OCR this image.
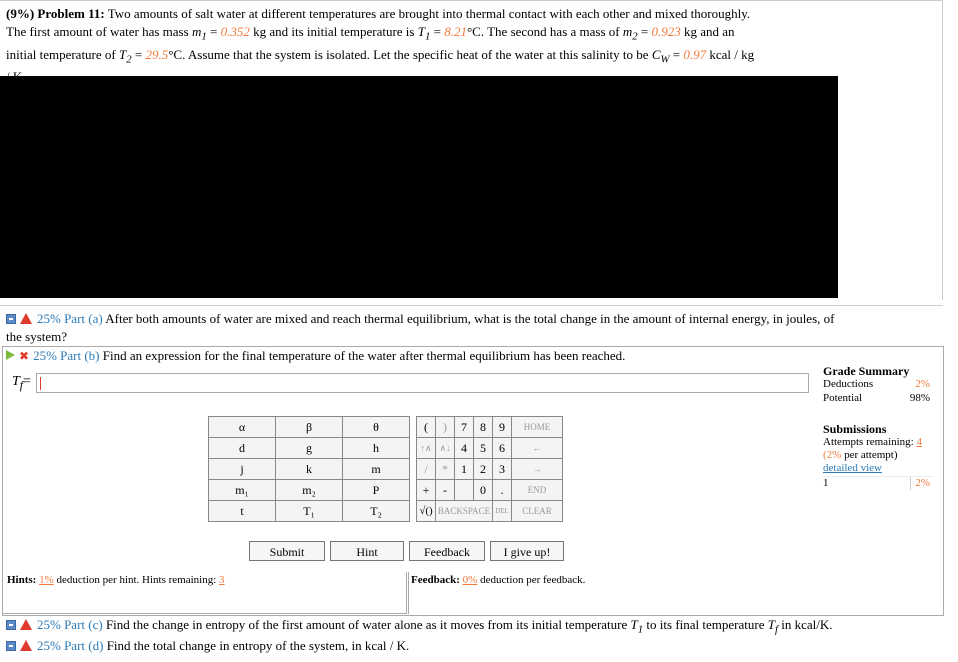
(9%) Problem 11: Two amounts of salt water at different temperatures are brought into thermal contact with each other and mixed thoroughly.
The first amount of water has mass $m_1 = 0.352$ kg and its initial temperature is $T_1 = 8.21^\circ C$. The second has a mass of $m_2 = 0.923$ kg and an
initial temperature of $T_2 = 29.5^\circ C$. Assume that the system is isolated. Let the specific heat of the water at this salinity to be $C_W = 0.97$ kcal / kg

25% Part (a) After both amounts of water are mixed and reach thermal equilibrium, what is the total change in the amount of internal energy, in joules, of
the system?
✖ 25% Part (b) Find an expression for the final temperature of the water after thermal equilibrium has been reached.
$T_f=$
Grade Summary
Deductions	2%
Potential	98%
Submissions
Attempts remaining: 4
(2% per attempt)
detailed view
1	2%
α	β	θ		(	)	7	8	9	HOME
d	g	h		↑∧	∧↓	4	5	6	←
j	k	m		/	*	1	2	3	→
m₁	m₂	P		+	-		0	.	END
t	T₁	T₂		√()	BACKSPACE			DEL	CLEAR
Submit	Hint	Feedback	I give up!
Hints: 1% deduction per hint. Hints remaining: 3	Feedback: 0% deduction per feedback.
25% Part (c) Find the change in entropy of the first amount of water alone as it moves from its initial temperature $T_1$ to its final temperature $T_f$ in kcal/K.
25% Part (d) Find the total change in entropy of the system, in kcal / K.
